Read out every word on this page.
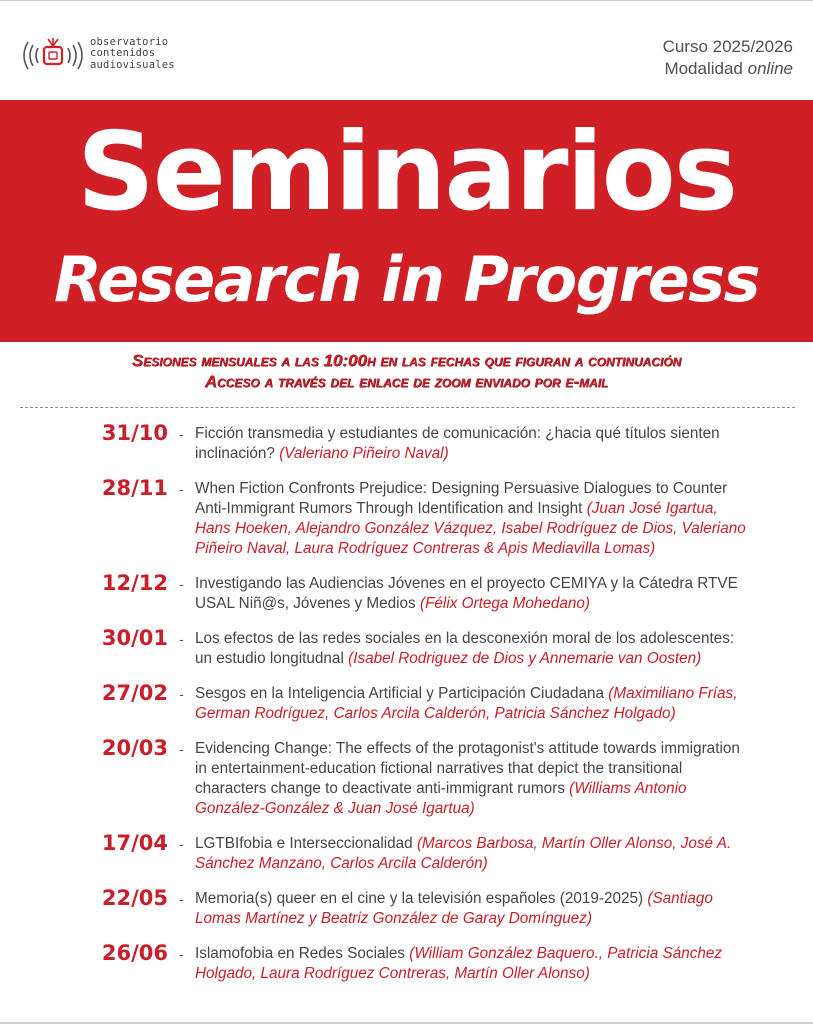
observatorio
contenidos
audiovisuales
Curso 2025/2026
Modalidad online
Seminarios
Research in Progress
Sesiones mensuales a las 10:00h en las fechas que figuran a continuación
Acceso a través del enlace de zoom enviado por e-mail
31/10 - Ficción transmedia y estudiantes de comunicación: ¿hacia qué títulos sienten inclinación? (Valeriano Piñeiro Naval)
28/11 - When Fiction Confronts Prejudice: Designing Persuasive Dialogues to Counter Anti-Immigrant Rumors Through Identification and Insight (Juan José Igartua, Hans Hoeken, Alejandro González Vázquez, Isabel Rodríguez de Dios, Valeriano Piñeiro Naval, Laura Rodríguez Contreras & Apis Mediavilla Lomas)
12/12 - Investigando las Audiencias Jóvenes en el proyecto CEMIYA y la Cátedra RTVE USAL Niñ@s, Jóvenes y Medios (Félix Ortega Mohedano)
30/01 - Los efectos de las redes sociales en la desconexión moral de los adolescentes: un estudio longitudnal (Isabel Rodriguez de Dios y Annemarie van Oosten)
27/02 - Sesgos en la Inteligencia Artificial y Participación Ciudadana (Maximiliano Frías, German Rodríguez, Carlos Arcila Calderón, Patricia Sánchez Holgado)
20/03 - Evidencing Change: The effects of the protagonist's attitude towards immigration in entertainment-education fictional narratives that depict the transitional characters change to deactivate anti-immigrant rumors (Williams Antonio González-González & Juan José Igartua)
17/04 - LGTBIfobia e Interseccionalidad (Marcos Barbosa, Martín Oller Alonso, José A. Sánchez Manzano, Carlos Arcila Calderón)
22/05 - Memoria(s) queer en el cine y la televisión españoles (2019-2025) (Santiago Lomas Martínez y Beatriz González de Garay Domínguez)
26/06 - Islamofobia en Redes Sociales (William González Baquero., Patricia Sánchez Holgado, Laura Rodríguez Contreras, Martín Oller Alonso)
